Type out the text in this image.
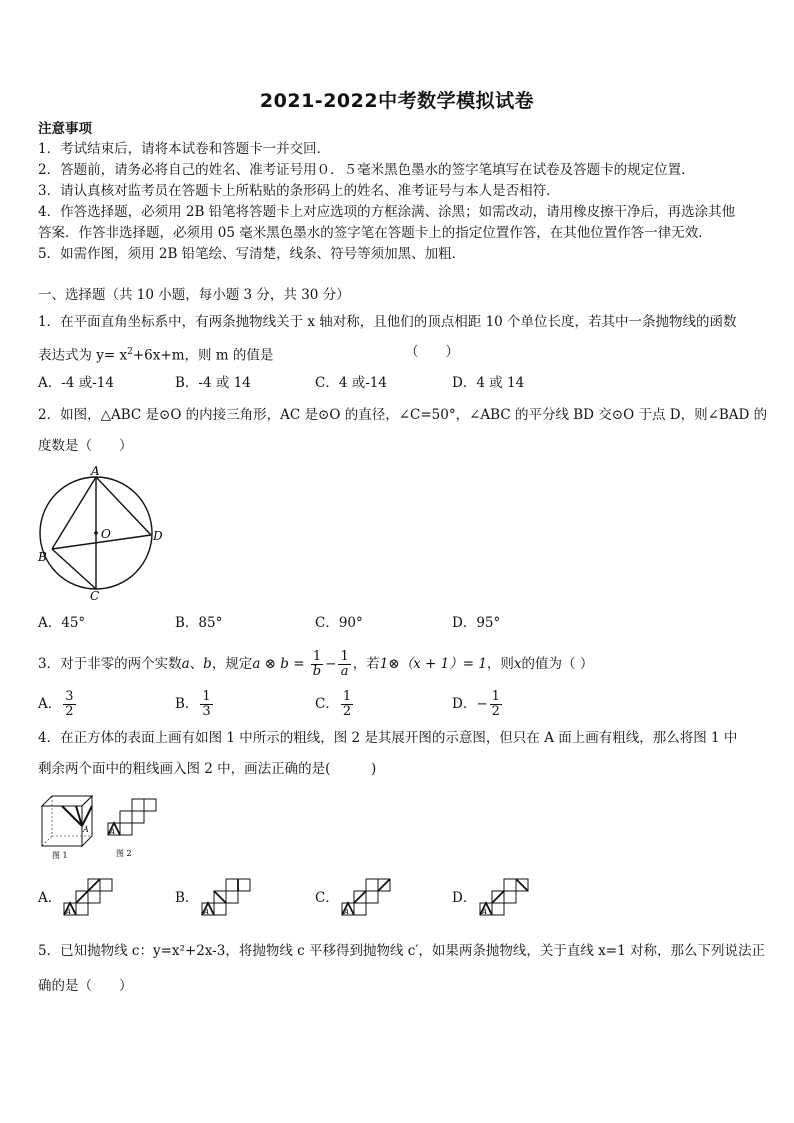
2021-2022中考数学模拟试卷
注意事项
1．考试结束后，请将本试卷和答题卡一并交回．
2．答题前，请务必将自己的姓名、准考证号用０．５毫米黑色墨水的签字笔填写在试卷及答题卡的规定位置．
3．请认真核对监考员在答题卡上所粘贴的条形码上的姓名、准考证号与本人是否相符．
4．作答选择题，必须用 2B 铅笔将答题卡上对应选项的方框涂满、涂黑；如需改动，请用橡皮擦干净后，再选涂其他
答案．作答非选择题，必须用 05 毫米黑色墨水的签字笔在答题卡上的指定位置作答，在其他位置作答一律无效．
5．如需作图，须用 2B 铅笔绘、写清楚，线条、符号等须加黑、加粗．
一、选择题（共 10 小题，每小题 3 分，共 30 分）
1．在平面直角坐标系中，有两条抛物线关于 x 轴对称，且他们的顶点相距 10 个单位长度，若其中一条抛物线的函数
表达式为 $y= x^2+6x+m$，则 m 的值是	（　　）
A．-4 或-14	B．-4 或 14	C．4 或-14	D．4 或 14
2．如图，△ABC 是⊙O 的内接三角形，AC 是⊙O 的直径，∠C=50°，∠ABC 的平分线 BD 交⊙O 于点 D，则∠BAD 的
度数是（　　）
A
B
C
D
O
A．45°	B．85°	C．90°	D．95°
3．对于非零的两个实数a、b，规定a ⊗ $b = \frac{1}{b} - \frac{1}{a}$ ，若1⊗（x + 1）= 1，则x的值为（ ）
A． $\frac{3}{2}$	B． $\frac{1}{3}$	C． $\frac{1}{2}$	D．− $\frac{1}{2}$
4．在正方体的表面上画有如图 1 中所示的粗线，图 2 是其展开图的示意图，但只在 A 面上画有粗线，那么将图 1 中
剩余两个面中的粗线画入图 2 中，画法正确的是(　　　)
A
图 1
A
图 2
A．
A
B．
A
C．
A
D．
A
5．已知抛物线 c：y=x²+2x-3，将抛物线 c 平移得到抛物线 c′，如果两条抛物线，关于直线 x=1 对称，那么下列说法正
确的是（　　）
